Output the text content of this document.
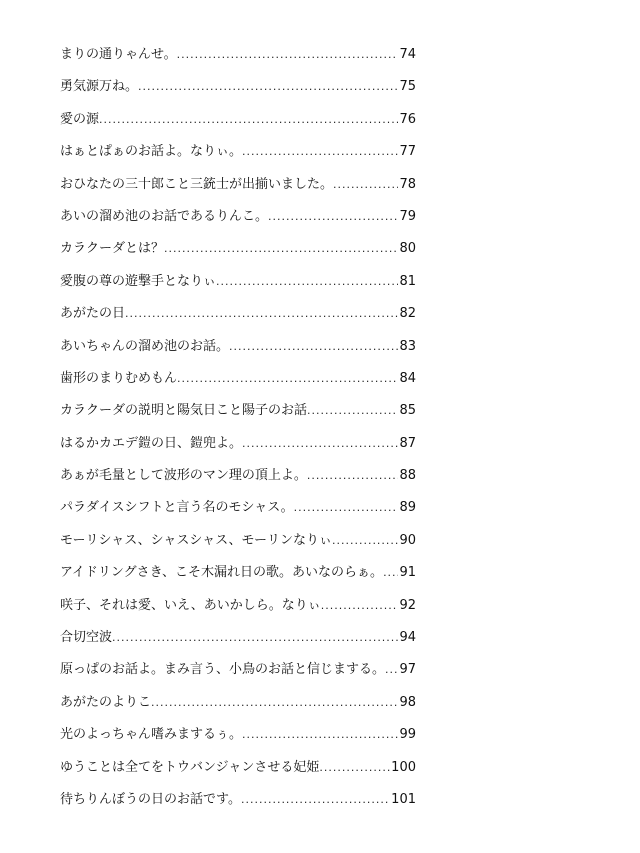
まりの通りゃんせ。 .....	74
勇気源万ね。 .....	75
愛の源 .....	76
はぁとぱぁのお話よ。なりぃ。 .....	77
おひなたの三十郎こと三銃士が出揃いました。 .....	78
あいの溜め池のお話であるりんこ。 .....	79
カラクーダとは？ .....	80
愛腹の尊の遊撃手となりぃ .....	81
あがたの日 .....	82
あいちゃんの溜め池のお話。 .....	83
歯形のまりむめもん .....	84
カラクーダの説明と陽気日こと陽子のお話 .....	85
はるかカエデ鎧の日、鎧兜よ。 .....	87
あぁが毛量として波形のマン理の頂上よ。 .....	88
パラダイスシフトと言う名のモシャス。 .....	89
モーリシャス、シャスシャス、モーリンなりぃ .....	90
アイドリングさき、こそ木漏れ日の歌。あいなのらぁ。 ..... 91
咲子、それは愛、いえ、あいかしら。なりぃ .....	92
合切空波 .....	94
原っぱのお話よ。まみ言う、小鳥のお話と信じまする。 ..... 97
あがたのよりこ .....	98
光のよっちゃん嗜みまするぅ。 .....	99
ゆうことは全てをトウバンジャンさせる妃姫 .....	100
待ちりんぼうの日のお話です。 .....	101
